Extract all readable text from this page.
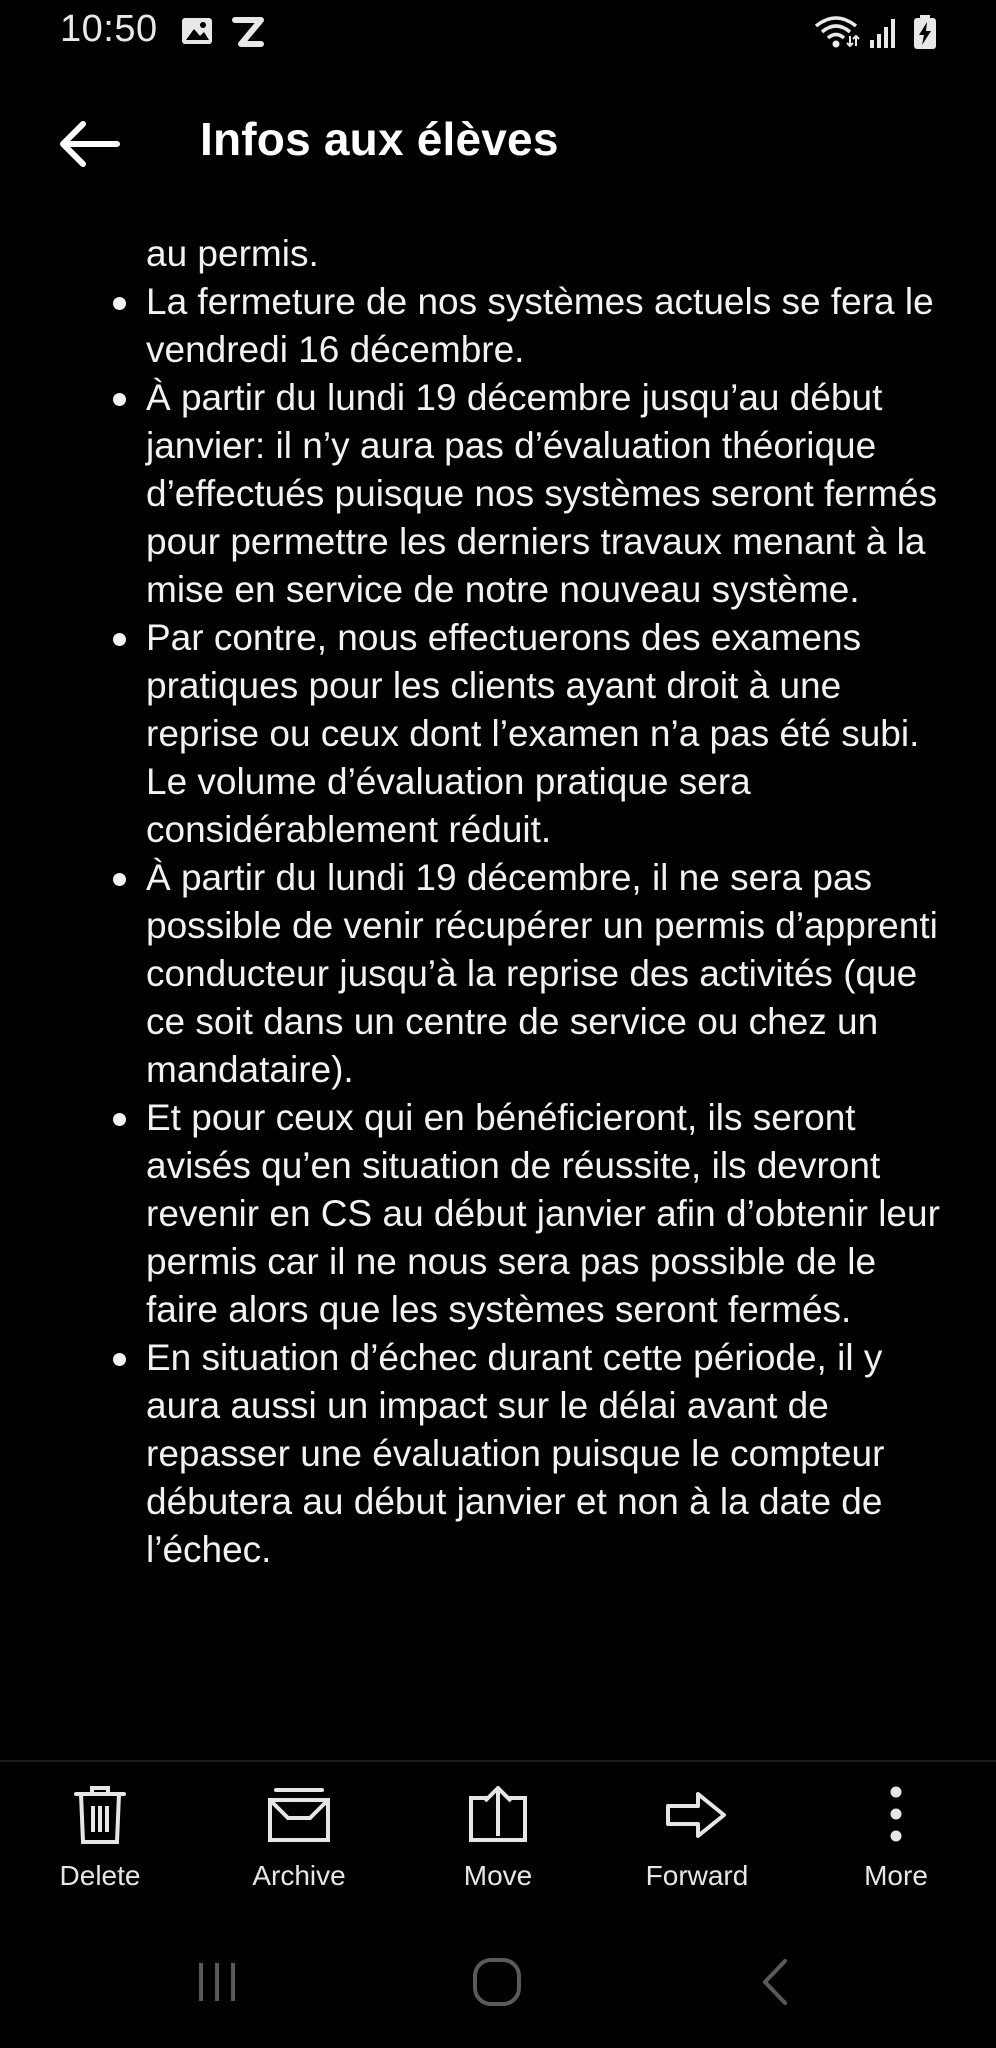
10:50
Infos aux élèves
au permis.
La fermeture de nos systèmes actuels se fera le vendredi 16 décembre.
À partir du lundi 19 décembre jusqu’au début janvier: il n’y aura pas d’évaluation théorique d’effectués puisque nos systèmes seront fermés pour permettre les derniers travaux menant à la mise en service de notre nouveau système.
Par contre, nous effectuerons des examens pratiques pour les clients ayant droit à une reprise ou ceux dont l’examen n’a pas été subi. Le volume d’évaluation pratique sera considérablement réduit.
À partir du lundi 19 décembre, il ne sera pas possible de venir récupérer un permis d’apprenti conducteur jusqu’à la reprise des activités (que ce soit dans un centre de service ou chez un mandataire).
Et pour ceux qui en bénéficieront, ils seront avisés qu’en situation de réussite, ils devront revenir en CS au début janvier afin d’obtenir leur permis car il ne nous sera pas possible de le faire alors que les systèmes seront fermés.
En situation d’échec durant cette période, il y aura aussi un impact sur le délai avant de repasser une évaluation puisque le compteur débutera au début janvier et non à la date de l’échec.
Delete	Archive	Move	Forward	More
